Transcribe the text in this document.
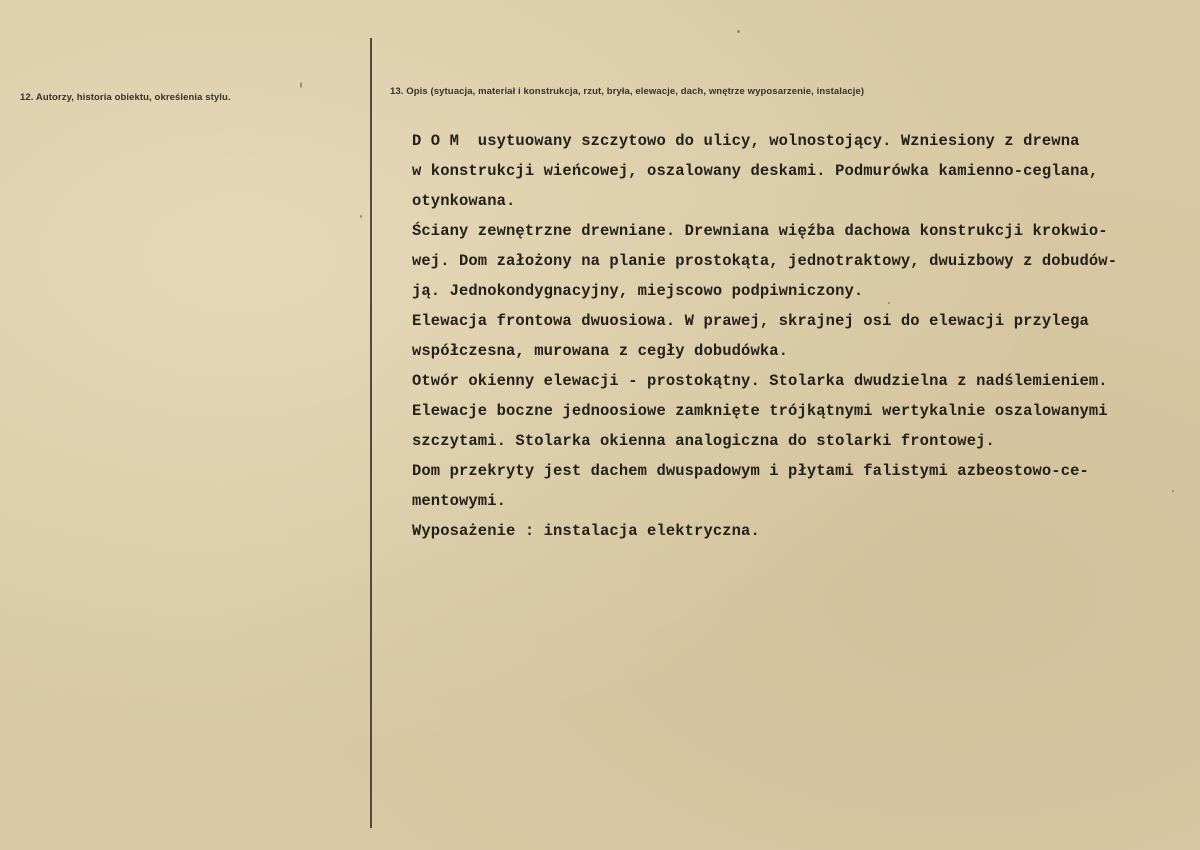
12. Autorzy, historia obiektu, określenia stylu.
13. Opis (sytuacja, materiał i konstrukcja, rzut, bryła, elewacje, dach, wnętrze wyposarzenie, instalacje)
D O M  usytuowany szczytowo do ulicy, wolnostojący. Wzniesiony z drewna
w konstrukcji wieńcowej, oszalowany deskami. Podmurówka kamienno-ceglana,
otynkowana.
Ściany zewnętrzne drewniane. Drewniana więźba dachowa konstrukcji krokwio-
wej. Dom założony na planie prostokąta, jednotraktowy, dwuizbowy z dobudów-
ją. Jednokondygnacyjny, miejscowo podpiwniczony.
Elewacja frontowa dwuosiowa. W prawej, skrajnej osi do elewacji przylega
współczesna, murowana z cegły dobudówka.
Otwór okienny elewacji - prostokątny. Stolarka dwudzielna z nadślemieniem.
Elewacje boczne jednoosiowe zamknięte trójkątnymi wertykalnie oszalowanymi
szczytami. Stolarka okienna analogiczna do stolarki frontowej.
Dom przekryty jest dachem dwuspadowym i płytami falistymi azbeostowo-ce-
mentowymi.
Wyposażenie : instalacja elektryczna.
